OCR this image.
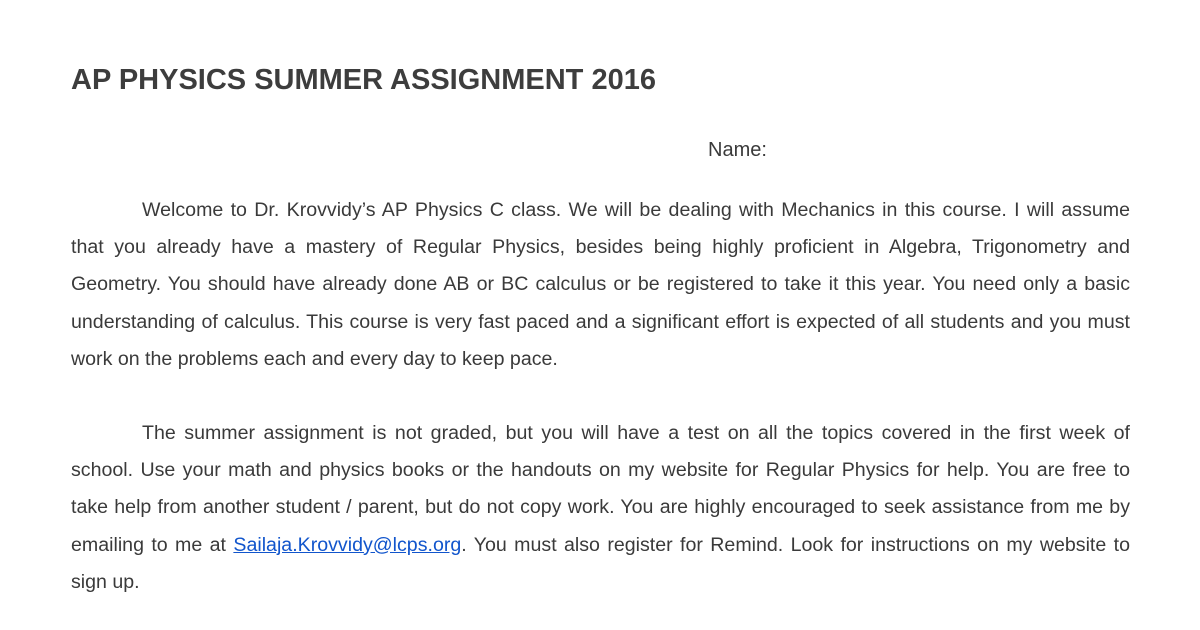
AP PHYSICS SUMMER ASSIGNMENT 2016
Name:

Welcome to Dr. Krovvidy’s AP Physics C class. We will be dealing with Mechanics in this course. I will assume that you already have a mastery of Regular Physics, besides being highly proficient in Algebra, Trigonometry and Geometry. You should have already done AB or BC calculus or be registered to take it this year. You need only a basic understanding of calculus. This course is very fast paced and a significant effort is expected of all students and you must work on the problems each and every day to keep pace.

The summer assignment is not graded, but you will have a test on all the topics covered in the first week of school. Use your math and physics books or the handouts on my website for Regular Physics for help. You are free to take help from another student / parent, but do not copy work. You are highly encouraged to seek assistance from me by emailing to me at Sailaja.Krovvidy@lcps.org. You must also register for Remind. Look for instructions on my website to sign up.
